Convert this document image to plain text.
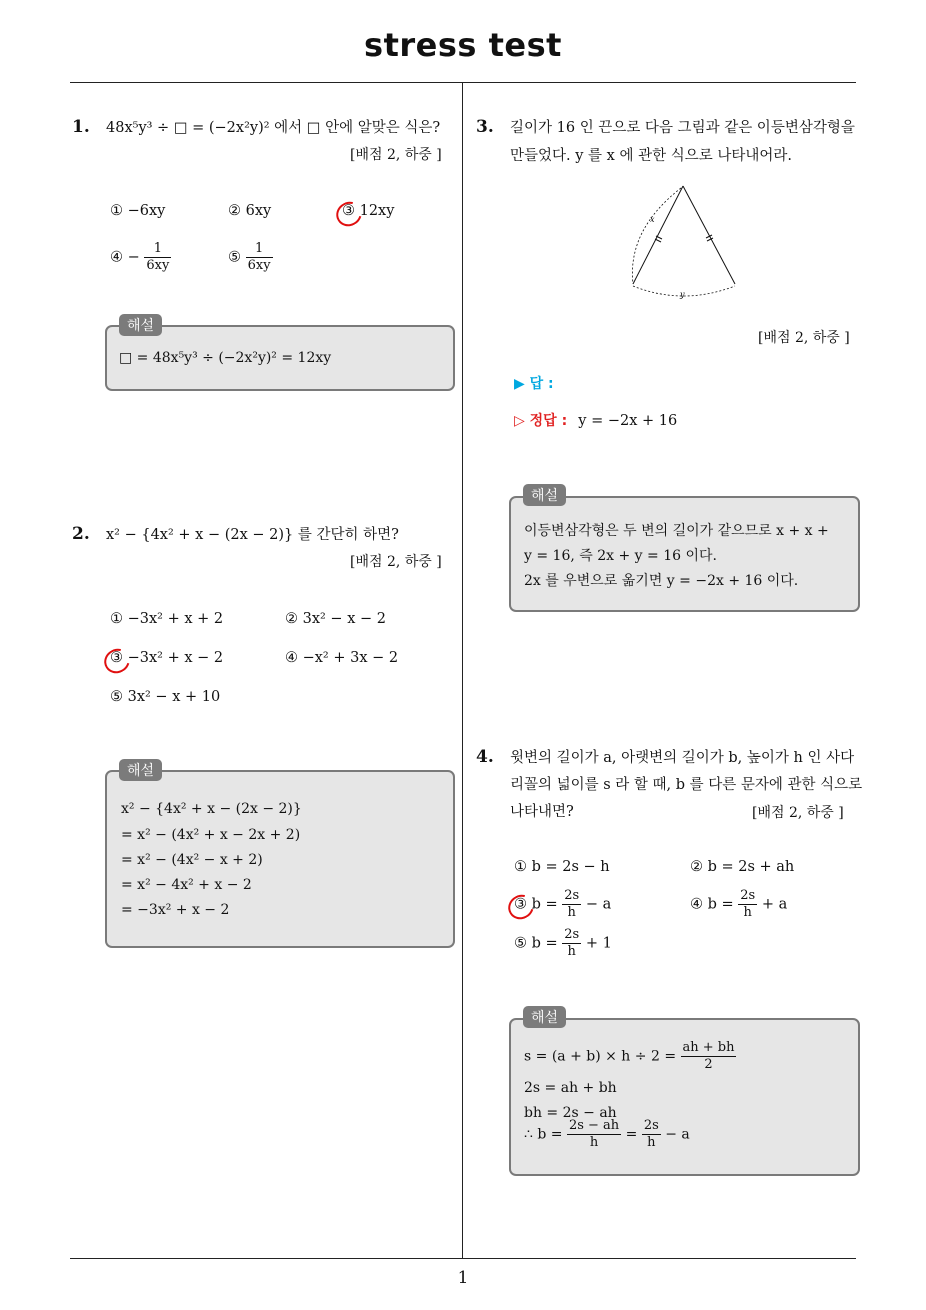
stress test
1
1. 48x⁵y³ ÷ □ = (−2x²y)² 에서 □ 안에 알맞은 식은?
[배점 2, 하중 ]
① −6xy	② 6xy	③ 12xy
④ − $\frac{1}{6xy}$	⑤ $\frac{1}{6xy}$
□ = 48x⁵y³ ÷ (−2x²y)² = 12xy
해설
2. x² − {4x² + x − (2x − 2)} 를 간단히 하면?
[배점 2, 하중 ]
① −3x² + x + 2	② 3x² − x − 2
③ −3x² + x − 2	④ −x² + 3x − 2
⑤ 3x² − x + 10
x² − {4x² + x − (2x − 2)}
= x² − (4x² + x − 2x + 2)
= x² − (4x² − x + 2)
= x² − 4x² + x − 2
= −3x² + x − 2
해설
3. 길이가 16 인 끈으로 다음 그림과 같은 이등변삼각형을
만들었다. y 를 x 에 관한 식으로 나타내어라.
x
y
[배점 2, 하중 ]
▶ 답 :
▷ 정답 : y = −2x + 16
이등변삼각형은 두 변의 길이가 같으므로 x + x +
y = 16, 즉 2x + y = 16 이다.
2x 를 우변으로 옮기면 y = −2x + 16 이다.
해설
4. 윗변의 길이가 a, 아랫변의 길이가 b, 높이가 h 인 사다
리꼴의 넓이를 s 라 할 때, b 를 다른 문자에 관한 식으로
나타내면?	[배점 2, 하중 ]
① b = 2s − h	② b = 2s + ah
③ $b = \frac{2s}{h} - a$	④ $b = \frac{2s}{h} + a$
⑤ $b = \frac{2s}{h} + 1$
$s = (a + b) \times h \div 2 = \frac{ah + bh}{2}$
2s = ah + bh
bh = 2s − ah
∴ $b = \frac{2s - ah}{h} = \frac{2s}{h} - a$
해설
